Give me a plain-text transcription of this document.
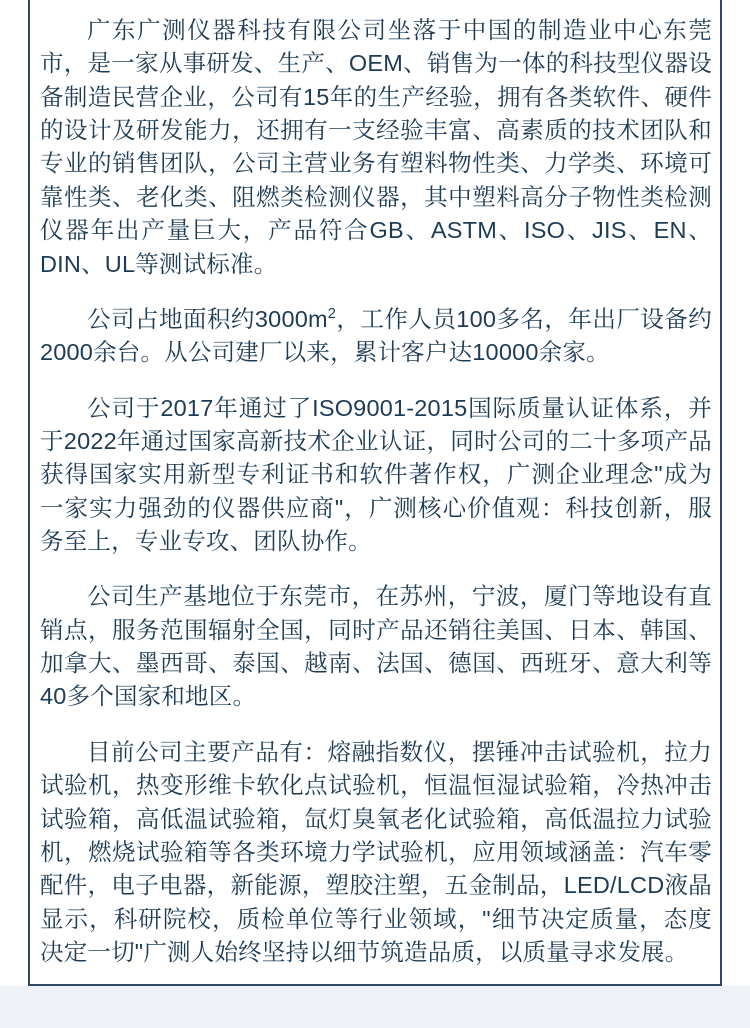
广东广测仪器科技有限公司坐落于中国的制造业中心东莞市，是一家从事研发、生产、OEM、销售为一体的科技型仪器设备制造民营企业，公司有15年的生产经验，拥有各类软件、硬件的设计及研发能力，还拥有一支经验丰富、高素质的技术团队和专业的销售团队，公司主营业务有塑料物性类、力学类、环境可靠性类、老化类、阻燃类检测仪器，其中塑料高分子物性类检测仪器年出产量巨大，产品符合GB、ASTM、ISO、JIS、EN、DIN、UL等测试标准。

公司占地面积约$3000m^2$，工作人员100多名，年出厂设备约2000余台。从公司建厂以来，累计客户达10000余家。

公司于2017年通过了ISO9001-2015国际质量认证体系，并于2022年通过国家高新技术企业认证，同时公司的二十多项产品获得国家实用新型专利证书和软件著作权，广测企业理念"成为一家实力强劲的仪器供应商"，广测核心价值观：科技创新，服务至上，专业专攻、团队协作。

公司生产基地位于东莞市，在苏州，宁波，厦门等地设有直销点，服务范围辐射全国，同时产品还销往美国、日本、韩国、加拿大、墨西哥、泰国、越南、法国、德国、西班牙、意大利等40多个国家和地区。

目前公司主要产品有：熔融指数仪，摆锤冲击试验机，拉力试验机，热变形维卡软化点试验机，恒温恒湿试验箱，冷热冲击试验箱，高低温试验箱，氙灯臭氧老化试验箱，高低温拉力试验机，燃烧试验箱等各类环境力学试验机，应用领域涵盖：汽车零配件，电子电器，新能源，塑胶注塑，五金制品，LED/LCD液晶显示，科研院校，质检单位等行业领域，"细节决定质量，态度决定一切"广测人始终坚持以细节筑造品质，以质量寻求发展。
